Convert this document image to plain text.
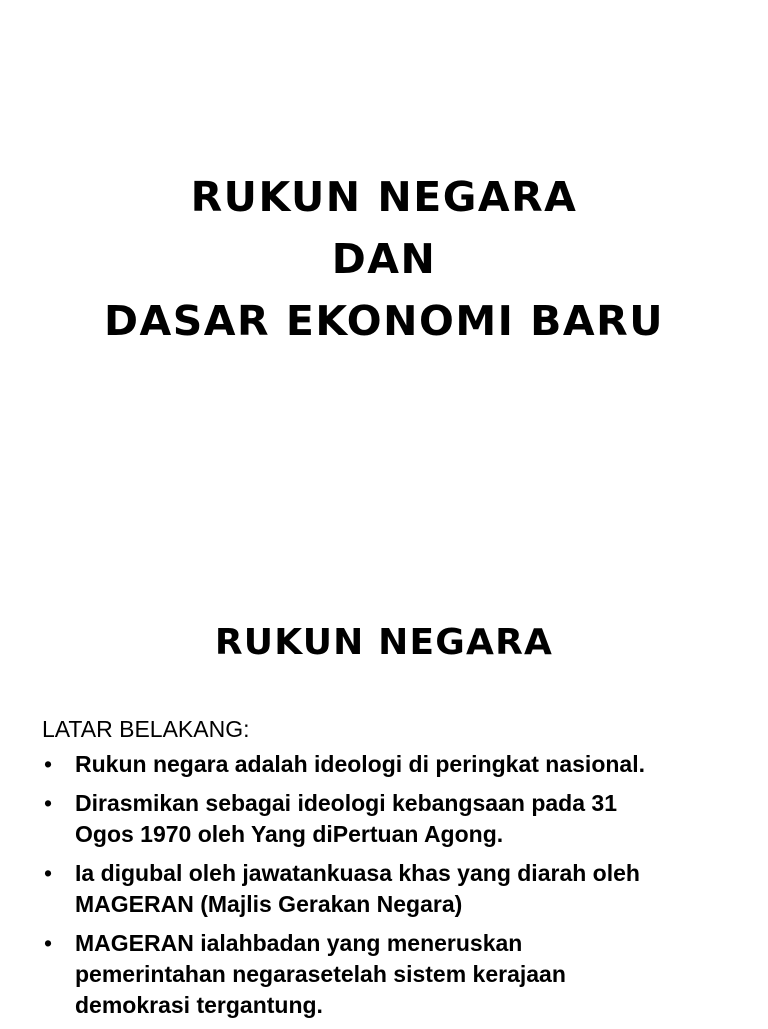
RUKUN NEGARA
DAN
DASAR EKONOMI BARU
RUKUN NEGARA
LATAR BELAKANG:
• Rukun negara adalah ideologi di peringkat nasional.
• Dirasmikan sebagai ideologi kebangsaan pada 31
Ogos 1970 oleh Yang diPertuan Agong.
• Ia digubal oleh jawatankuasa khas yang diarah oleh
MAGERAN (Majlis Gerakan Negara)
• MAGERAN ialahbadan yang meneruskan
pemerintahan negarasetelah sistem kerajaan
demokrasi tergantung.
